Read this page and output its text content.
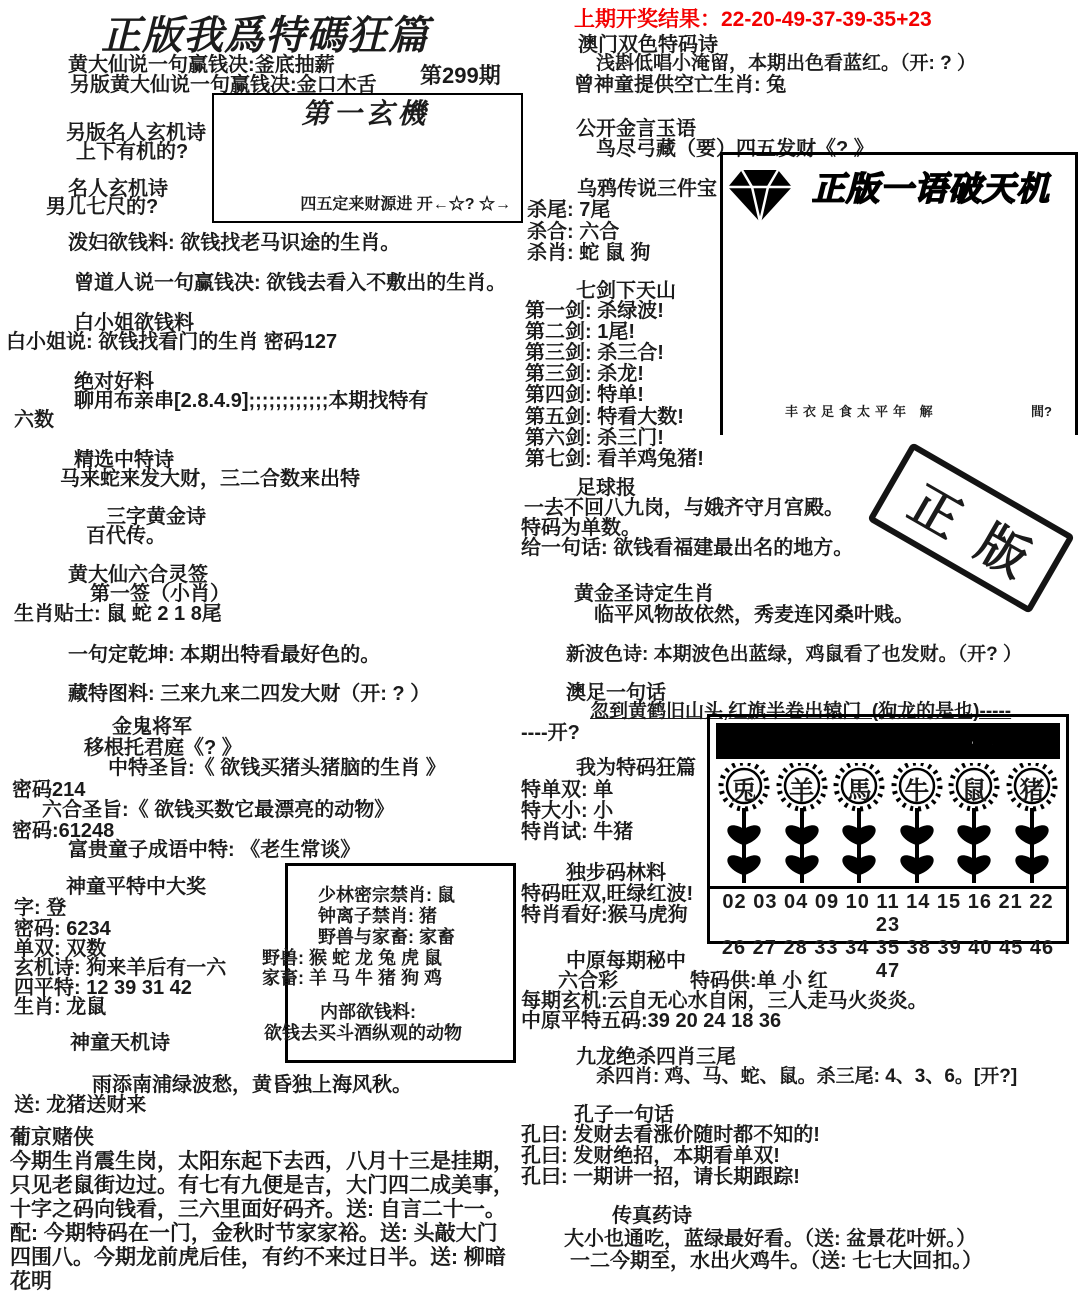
正版我爲特碼狂篇
黄大仙说一句赢钱决:釜底抽薪
另版黄大仙说一句赢钱决:金口木舌 第299期
第一玄機
四五定来财源进 开←☆? ☆→
另版名人玄机诗
上下有机的?
名人玄机诗
男儿七尺的?
泼妇欲钱料: 欲钱找老马识途的生肖。
曾道人说一句赢钱决: 欲钱去看入不敷出的生肖。
白小姐欲钱料
白小姐说: 欲钱找看门的生肖 密码127
绝对好料
聊用布亲串[2.8.4.9];;;;;;;;;;;;本期找特有
六数
精选中特诗
马来蛇来发大财，三二合数来出特
三字黄金诗
百代传。
黄大仙六合灵签
第一签（小肖）
生肖贴士: 鼠 蛇 2 1 8尾
一句定乾坤: 本期出特看最好色的。
藏特图料: 三来九来二四发大财（开: ? ）
金鬼将军
移根托君庭《? 》
中特圣旨:《 欲钱买猪头猪脑的生肖 》
密码214
六合圣旨:《 欲钱买数它最漂亮的动物》
密码:61248
富贵童子成语中特: 《老生常谈》
神童平特中大奖
字: 登
密码: 6234
单双: 双数
玄机诗: 狗来羊后有一六
四平特: 12 39 31 42
生肖: 龙鼠
神童天机诗
雨添南浦绿波愁，黄昏独上海风秋。
送: 龙猪送财来
少林密宗禁肖: 鼠
钟离子禁肖: 猪
野兽与家畜: 家畜
野兽: 猴 蛇 龙 兔 虎 鼠
家畜: 羊 马 牛 猪 狗 鸡
内部欲钱料:
欲钱去买斗酒纵观的动物
葡京赌侠
今期生肖震生岗，太阳东起下去西，八月十三是挂期，
只见老鼠街边过。有七有九便是吉，大门四二成美事，
十字之码向钱看，三六里面好码齐。送: 自言二十一。
配: 今期特码在一门，金秋时节家家裕。送: 头敲大门
四围八。今期龙前虎后佳，有约不来过日半。送: 柳暗
花明
上期开奖结果：22-20-49-37-39-35+23
澳门双色特码诗
浅斟低唱小淹留，本期出色看蓝红。（开: ? ）
曾神童提供空亡生肖: 兔
公开金言玉语
鸟尽弓藏（要）四五发财《? 》
乌鸦传说三件宝
杀尾: 7尾
杀合: 六合
杀肖: 蛇 鼠 狗
七剑下天山
第一剑: 杀绿波!
第二剑: 1尾!
第三剑: 杀三合!
第三剑: 杀龙!
第四剑: 特单!
第五剑: 特看大数!
第六剑: 杀三门!
第七剑: 看羊鸡兔猪!
正版一语破天机
丰衣足食太平年 解	間?
正
版
足球报
一去不回八九岗，与娥齐守月宫殿。
特码为单数。
给一句话: 欲钱看福建最出名的地方。
黄金圣诗定生肖
临平风物故依然，秀麦连冈桑叶贱。
新波色诗: 本期波色出蓝绿，鸡鼠看了也发财。（开? ）
澳足一句话
忽到黄鹤旧山头,红旗半卷出辕门. (狗龙的是也)-----
----开?
我为特码狂篇
特单双: 单
特大小: 小
特肖试: 牛猪
独步码林料
特码旺双,旺绿红波!
特肖看好:猴马虎狗
東方葵花六肖料
兎	羊	馬	牛	鼠	猪
02 03 04 09 10 11 14 15 16 21 22 23
26 27 28 33 34 35 38 39 40 45 46 47
中原每期秘中
六合彩	特码供:单 小 红
每期玄机:云自无心水自闲，三人走马火炎炎。
中原平特五码:39 20 24 18 36
九龙绝杀四肖三尾
杀四肖: 鸡、马、蛇、鼠。杀三尾: 4、3、6。[开?]
孔子一句话
孔曰: 发财去看涨价随时都不知的!
孔曰: 发财绝招，本期看单双!
孔曰: 一期讲一招，请长期跟踪!
传真药诗
大小也通吃，蓝绿最好看。（送: 盆景花叶妍。）
一二今期至，水出火鸡牛。（送: 七七大回扣。）
